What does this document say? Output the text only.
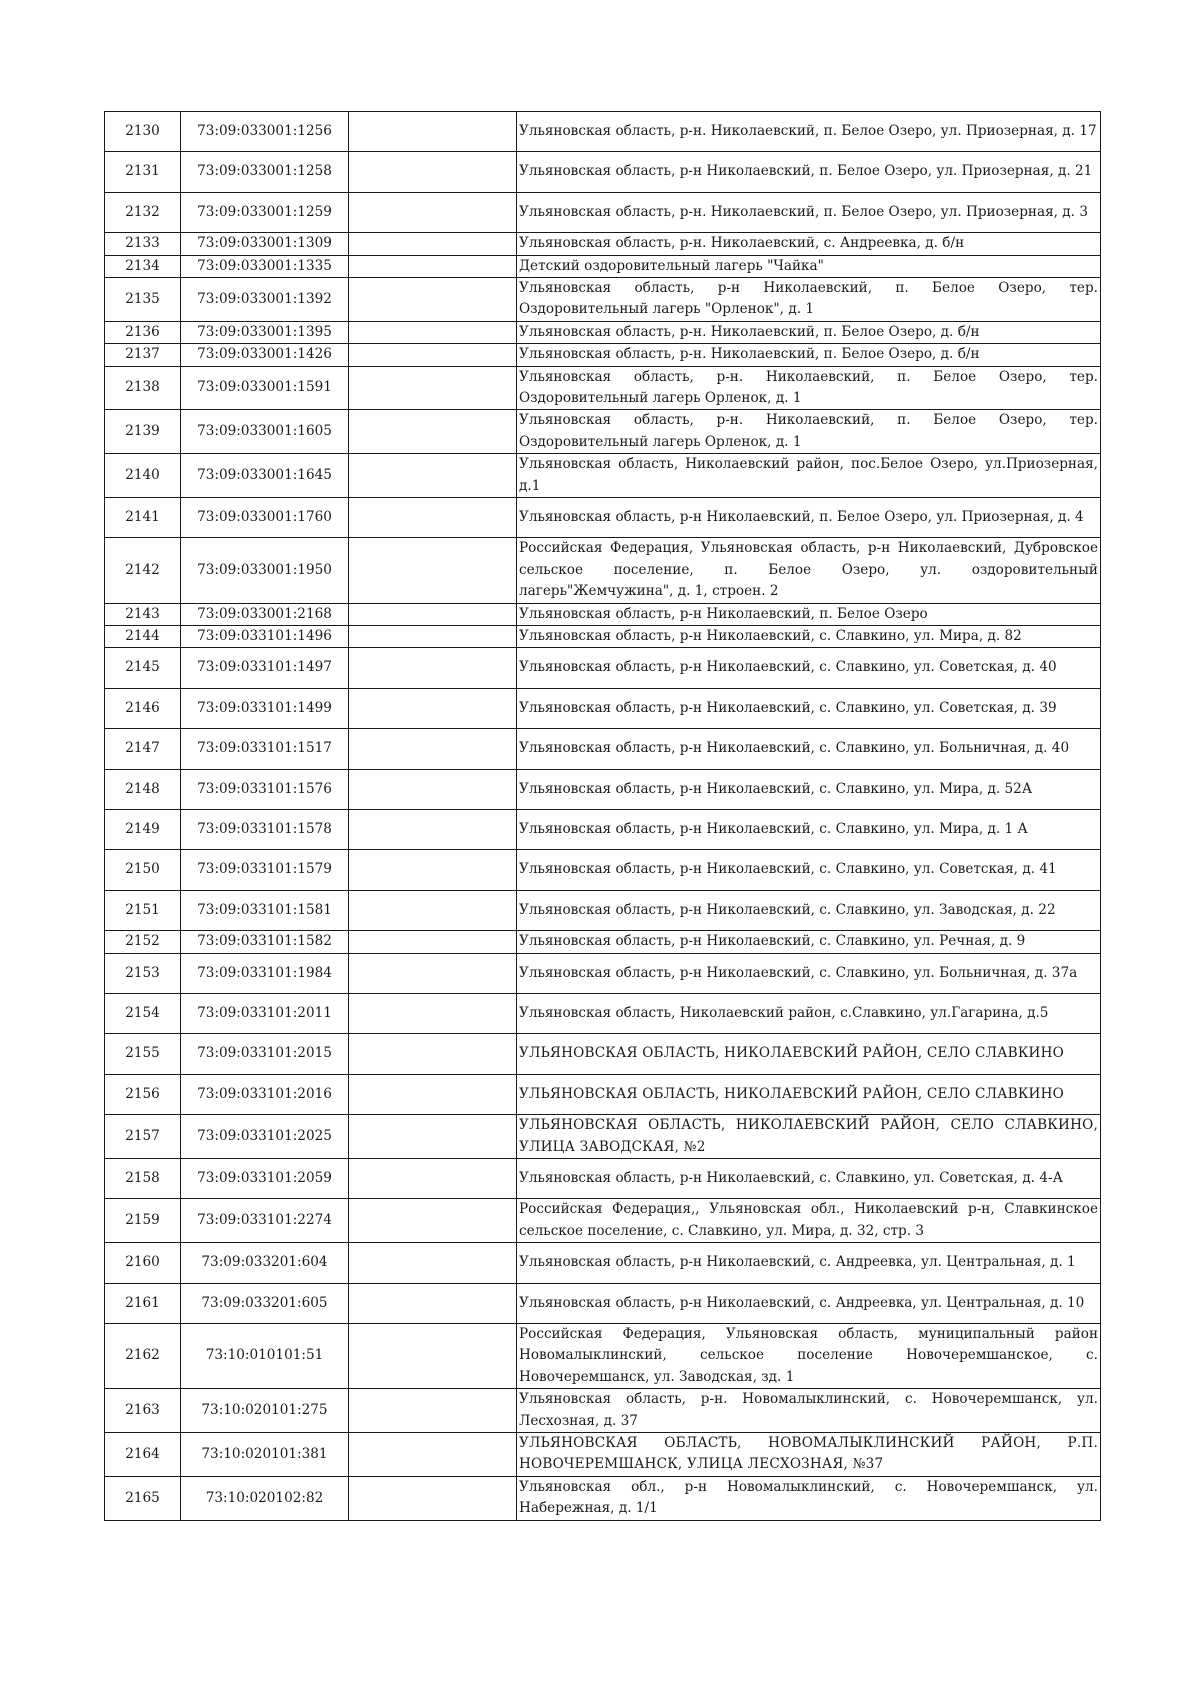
2130	73:09:033001:1256		Ульяновская область, р-н. Николаевский, п. Белое Озеро, ул. Приозерная, д. 17
2131	73:09:033001:1258		Ульяновская область, р-н Николаевский, п. Белое Озеро, ул. Приозерная, д. 21
2132	73:09:033001:1259		Ульяновская область, р-н. Николаевский, п. Белое Озеро, ул. Приозерная, д. 3
2133	73:09:033001:1309		Ульяновская область, р-н. Николаевский, с. Андреевка, д. б/н
2134	73:09:033001:1335		Детский оздоровительный лагерь "Чайка"
2135	73:09:033001:1392		Ульяновская область, р-н Николаевский, п. Белое Озеро, тер. Оздоровительный лагерь "Орленок", д. 1
2136	73:09:033001:1395		Ульяновская область, р-н. Николаевский, п. Белое Озеро, д. б/н
2137	73:09:033001:1426		Ульяновская область, р-н. Николаевский, п. Белое Озеро, д. б/н
2138	73:09:033001:1591		Ульяновская область, р-н. Николаевский, п. Белое Озеро, тер. Оздоровительный лагерь Орленок, д. 1
2139	73:09:033001:1605		Ульяновская область, р-н. Николаевский, п. Белое Озеро, тер. Оздоровительный лагерь Орленок, д. 1
2140	73:09:033001:1645		Ульяновская область, Николаевский район, пос.Белое Озеро, ул.Приозерная, д.1
2141	73:09:033001:1760		Ульяновская область, р-н Николаевский, п. Белое Озеро, ул. Приозерная, д. 4
2142	73:09:033001:1950		Российская Федерация, Ульяновская область, р-н Николаевский, Дубровское сельское поселение, п. Белое Озеро, ул. оздоровительный лагерь"Жемчужина", д. 1, строен. 2
2143	73:09:033001:2168		Ульяновская область, р-н Николаевский, п. Белое Озеро
2144	73:09:033101:1496		Ульяновская область, р-н Николаевский, с. Славкино, ул. Мира, д. 82
2145	73:09:033101:1497		Ульяновская область, р-н Николаевский, с. Славкино, ул. Советская, д. 40
2146	73:09:033101:1499		Ульяновская область, р-н Николаевский, с. Славкино, ул. Советская, д. 39
2147	73:09:033101:1517		Ульяновская область, р-н Николаевский, с. Славкино, ул. Больничная, д. 40
2148	73:09:033101:1576		Ульяновская область, р-н Николаевский, с. Славкино, ул. Мира, д. 52А
2149	73:09:033101:1578		Ульяновская область, р-н Николаевский, с. Славкино, ул. Мира, д. 1 А
2150	73:09:033101:1579		Ульяновская область, р-н Николаевский, с. Славкино, ул. Советская, д. 41
2151	73:09:033101:1581		Ульяновская область, р-н Николаевский, с. Славкино, ул. Заводская, д. 22
2152	73:09:033101:1582		Ульяновская область, р-н Николаевский, с. Славкино, ул. Речная, д. 9
2153	73:09:033101:1984		Ульяновская область, р-н Николаевский, с. Славкино, ул. Больничная, д. 37а
2154	73:09:033101:2011		Ульяновская область, Николаевский район, с.Славкино, ул.Гагарина, д.5
2155	73:09:033101:2015		УЛЬЯНОВСКАЯ ОБЛАСТЬ, НИКОЛАЕВСКИЙ РАЙОН, СЕЛО СЛАВКИНО
2156	73:09:033101:2016		УЛЬЯНОВСКАЯ ОБЛАСТЬ, НИКОЛАЕВСКИЙ РАЙОН, СЕЛО СЛАВКИНО
2157	73:09:033101:2025		УЛЬЯНОВСКАЯ ОБЛАСТЬ, НИКОЛАЕВСКИЙ РАЙОН, СЕЛО СЛАВКИНО, УЛИЦА ЗАВОДСКАЯ, №2
2158	73:09:033101:2059		Ульяновская область, р-н Николаевский, с. Славкино, ул. Советская, д. 4-А
2159	73:09:033101:2274		Российская Федерация,, Ульяновская обл., Николаевский р-н, Славкинское сельское поселение, с. Славкино, ул. Мира, д. 32, стр. 3
2160	73:09:033201:604		Ульяновская область, р-н Николаевский, с. Андреевка, ул. Центральная, д. 1
2161	73:09:033201:605		Ульяновская область, р-н Николаевский, с. Андреевка, ул. Центральная, д. 10
2162	73:10:010101:51		Российская Федерация, Ульяновская область, муниципальный район Новомалыклинский, сельское поселение Новочеремшанское, с. Новочеремшанск, ул. Заводская, зд. 1
2163	73:10:020101:275		Ульяновская область, р-н. Новомалыклинский, с. Новочеремшанск, ул. Лесхозная, д. 37
2164	73:10:020101:381		УЛЬЯНОВСКАЯ ОБЛАСТЬ, НОВОМАЛЫКЛИНСКИЙ РАЙОН, Р.П. НОВОЧЕРЕМШАНСК, УЛИЦА ЛЕСХОЗНАЯ, №37
2165	73:10:020102:82		Ульяновская обл., р-н Новомалыклинский, с. Новочеремшанск, ул. Набережная, д. 1/1
